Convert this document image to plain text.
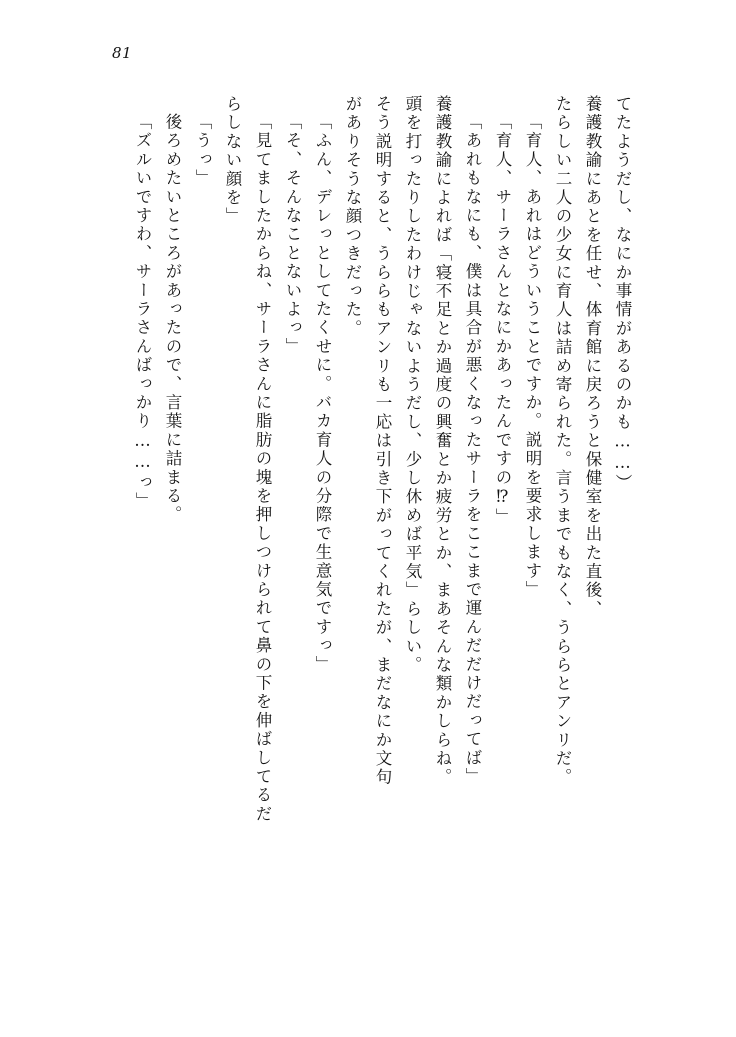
81
てたようだし、なにか事情があるのかも……）
養護教諭にあとを任せ、体育館に戻ろうと保健室を出た直後、
たらしい二人の少女に育人は詰め寄られた。言うまでもなく、うららとアンリだ。
「育人、あれはどういうことですか。説明を要求します」
「育人、サーラさんとなにかあったんですの⁉」
「あれもなにも、僕は具合が悪くなったサーラをここまで運んだだけだってば」
養護教諭によれば「寝不足とか過度の興奮とか疲労とか、まあそんな類かしらね。
頭を打ったりしたわけじゃないようだし、少し休めば平気」らしい。
そう説明すると、うららもアンリも一応は引き下がってくれたが、まだなにか文句
がありそうな顔つきだった。
「ふん、デレっとしてたくせに。バカ育人の分際で生意気ですっ」
「そ、そんなことないよっ」
「見てましたからね、サーラさんに脂肪の塊を押しつけられて鼻の下を伸ばしてるだ
らしない顔を」
「うっ」
後ろめたいところがあったので、言葉に詰まる。
「ズルいですわ、サーラさんばっかり……っ」
